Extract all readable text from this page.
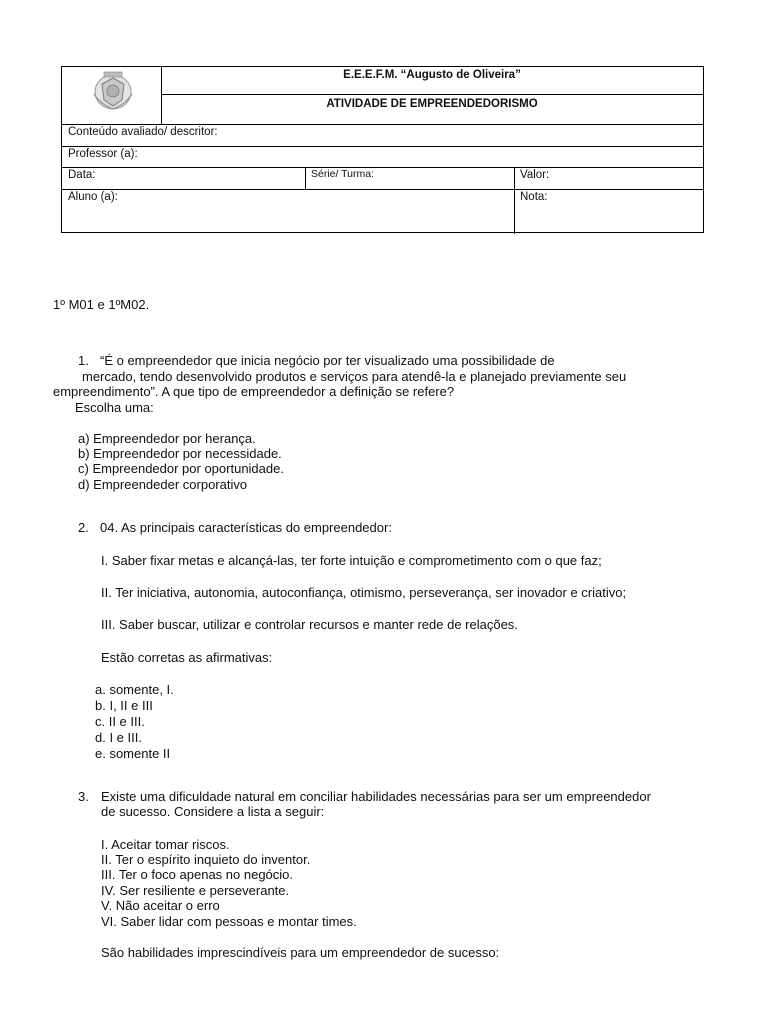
E.E.E.F.M. “Augusto de Oliveira”
ATIVIDADE DE EMPREENDEDORISMO
Conteúdo avaliado/ descritor:
Professor (a):
Data:	Série/ Turma:	Valor:
Aluno (a):	Nota:
1º M01 e 1ºM02.
1. “É o empreendedor que inicia negócio por ter visualizado uma possibilidade de
mercado, tendo desenvolvido produtos e serviços para atendê-la e planejado previamente seu
empreendimento”. A que tipo de empreendedor a definição se refere?
Escolha uma:
a) Empreendedor por herança.
b) Empreendedor por necessidade.
c) Empreendedor por oportunidade.
d) Empreendeder corporativo
2. 04. As principais características do empreendedor:
I. Saber fixar metas e alcançá-las, ter forte intuição e comprometimento com o que faz;
II. Ter iniciativa, autonomia, autoconfiança, otimismo, perseverança, ser inovador e criativo;
III. Saber buscar, utilizar e controlar recursos e manter rede de relações.
Estão corretas as afirmativas:
a. somente, I.
b. I, II e III
c. II e III.
d. I e III.
e. somente II
3. Existe uma dificuldade natural em conciliar habilidades necessárias para ser um empreendedor
de sucesso. Considere a lista a seguir:
I. Aceitar tomar riscos.
II. Ter o espírito inquieto do inventor.
III. Ter o foco apenas no negócio.
IV. Ser resiliente e perseverante.
V. Não aceitar o erro
VI. Saber lidar com pessoas e montar times.
São habilidades imprescindíveis para um empreendedor de sucesso:
